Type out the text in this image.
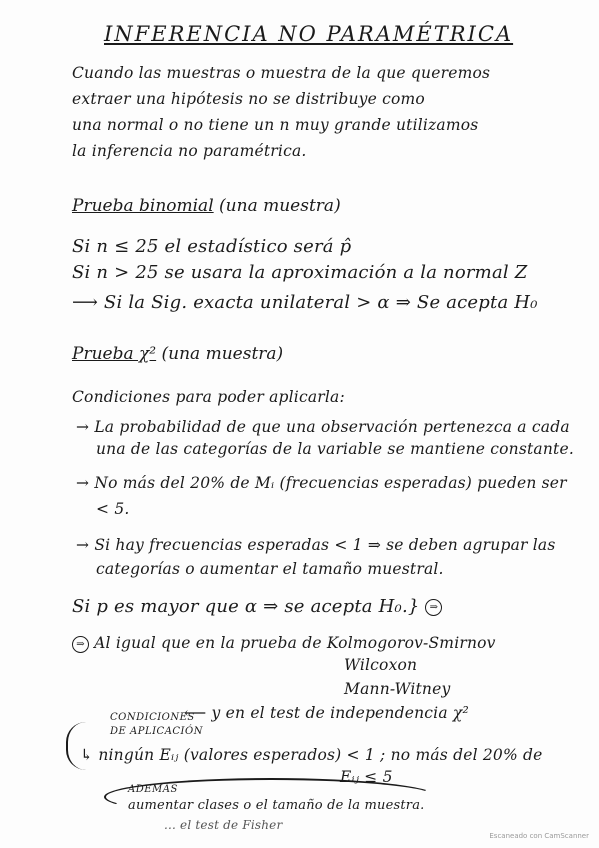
INFERENCIA NO PARAMÉTRICA
Cuando las muestras o muestra de la que queremos
extraer una hipótesis no se distribuye como
una normal o no tiene un n muy grande utilizamos
la inferencia no paramétrica.
Prueba binomial (una muestra)
Si n ≤ 25 el estadístico será p̂
Si n > 25 se usara la aproximación a la normal Z
⟶ Si la Sig. exacta unilateral > α ⇒ Se acepta H₀
Prueba χ² (una muestra)
Condiciones para poder aplicarla:
→ La probabilidad de que una observación pertenezca a cada
una de las categorías de la variable se mantiene constante.
→ No más del 20% de Mᵢ (frecuencias esperadas) pueden ser
< 5.
→ Si hay frecuencias esperadas < 1 ⇒ se deben agrupar las
categorías o aumentar el tamaño muestral.
Si p es mayor que α ⇒ se acepta H₀.} ⇒
⇒ Al igual que en la prueba de Kolmogorov-Smirnov
Wilcoxon
Mann-Witney
CONDICIONES
DE APLICACIÓN
⟵ y en el test de independencia χ²
↳ ningún Eᵢⱼ (valores esperados) < 1 ; no más del 20% de
Eᵢⱼ ≤ 5
ADEMÁS
aumentar clases o el tamaño de la muestra.
... el test de Fisher
Escaneado con CamScanner
